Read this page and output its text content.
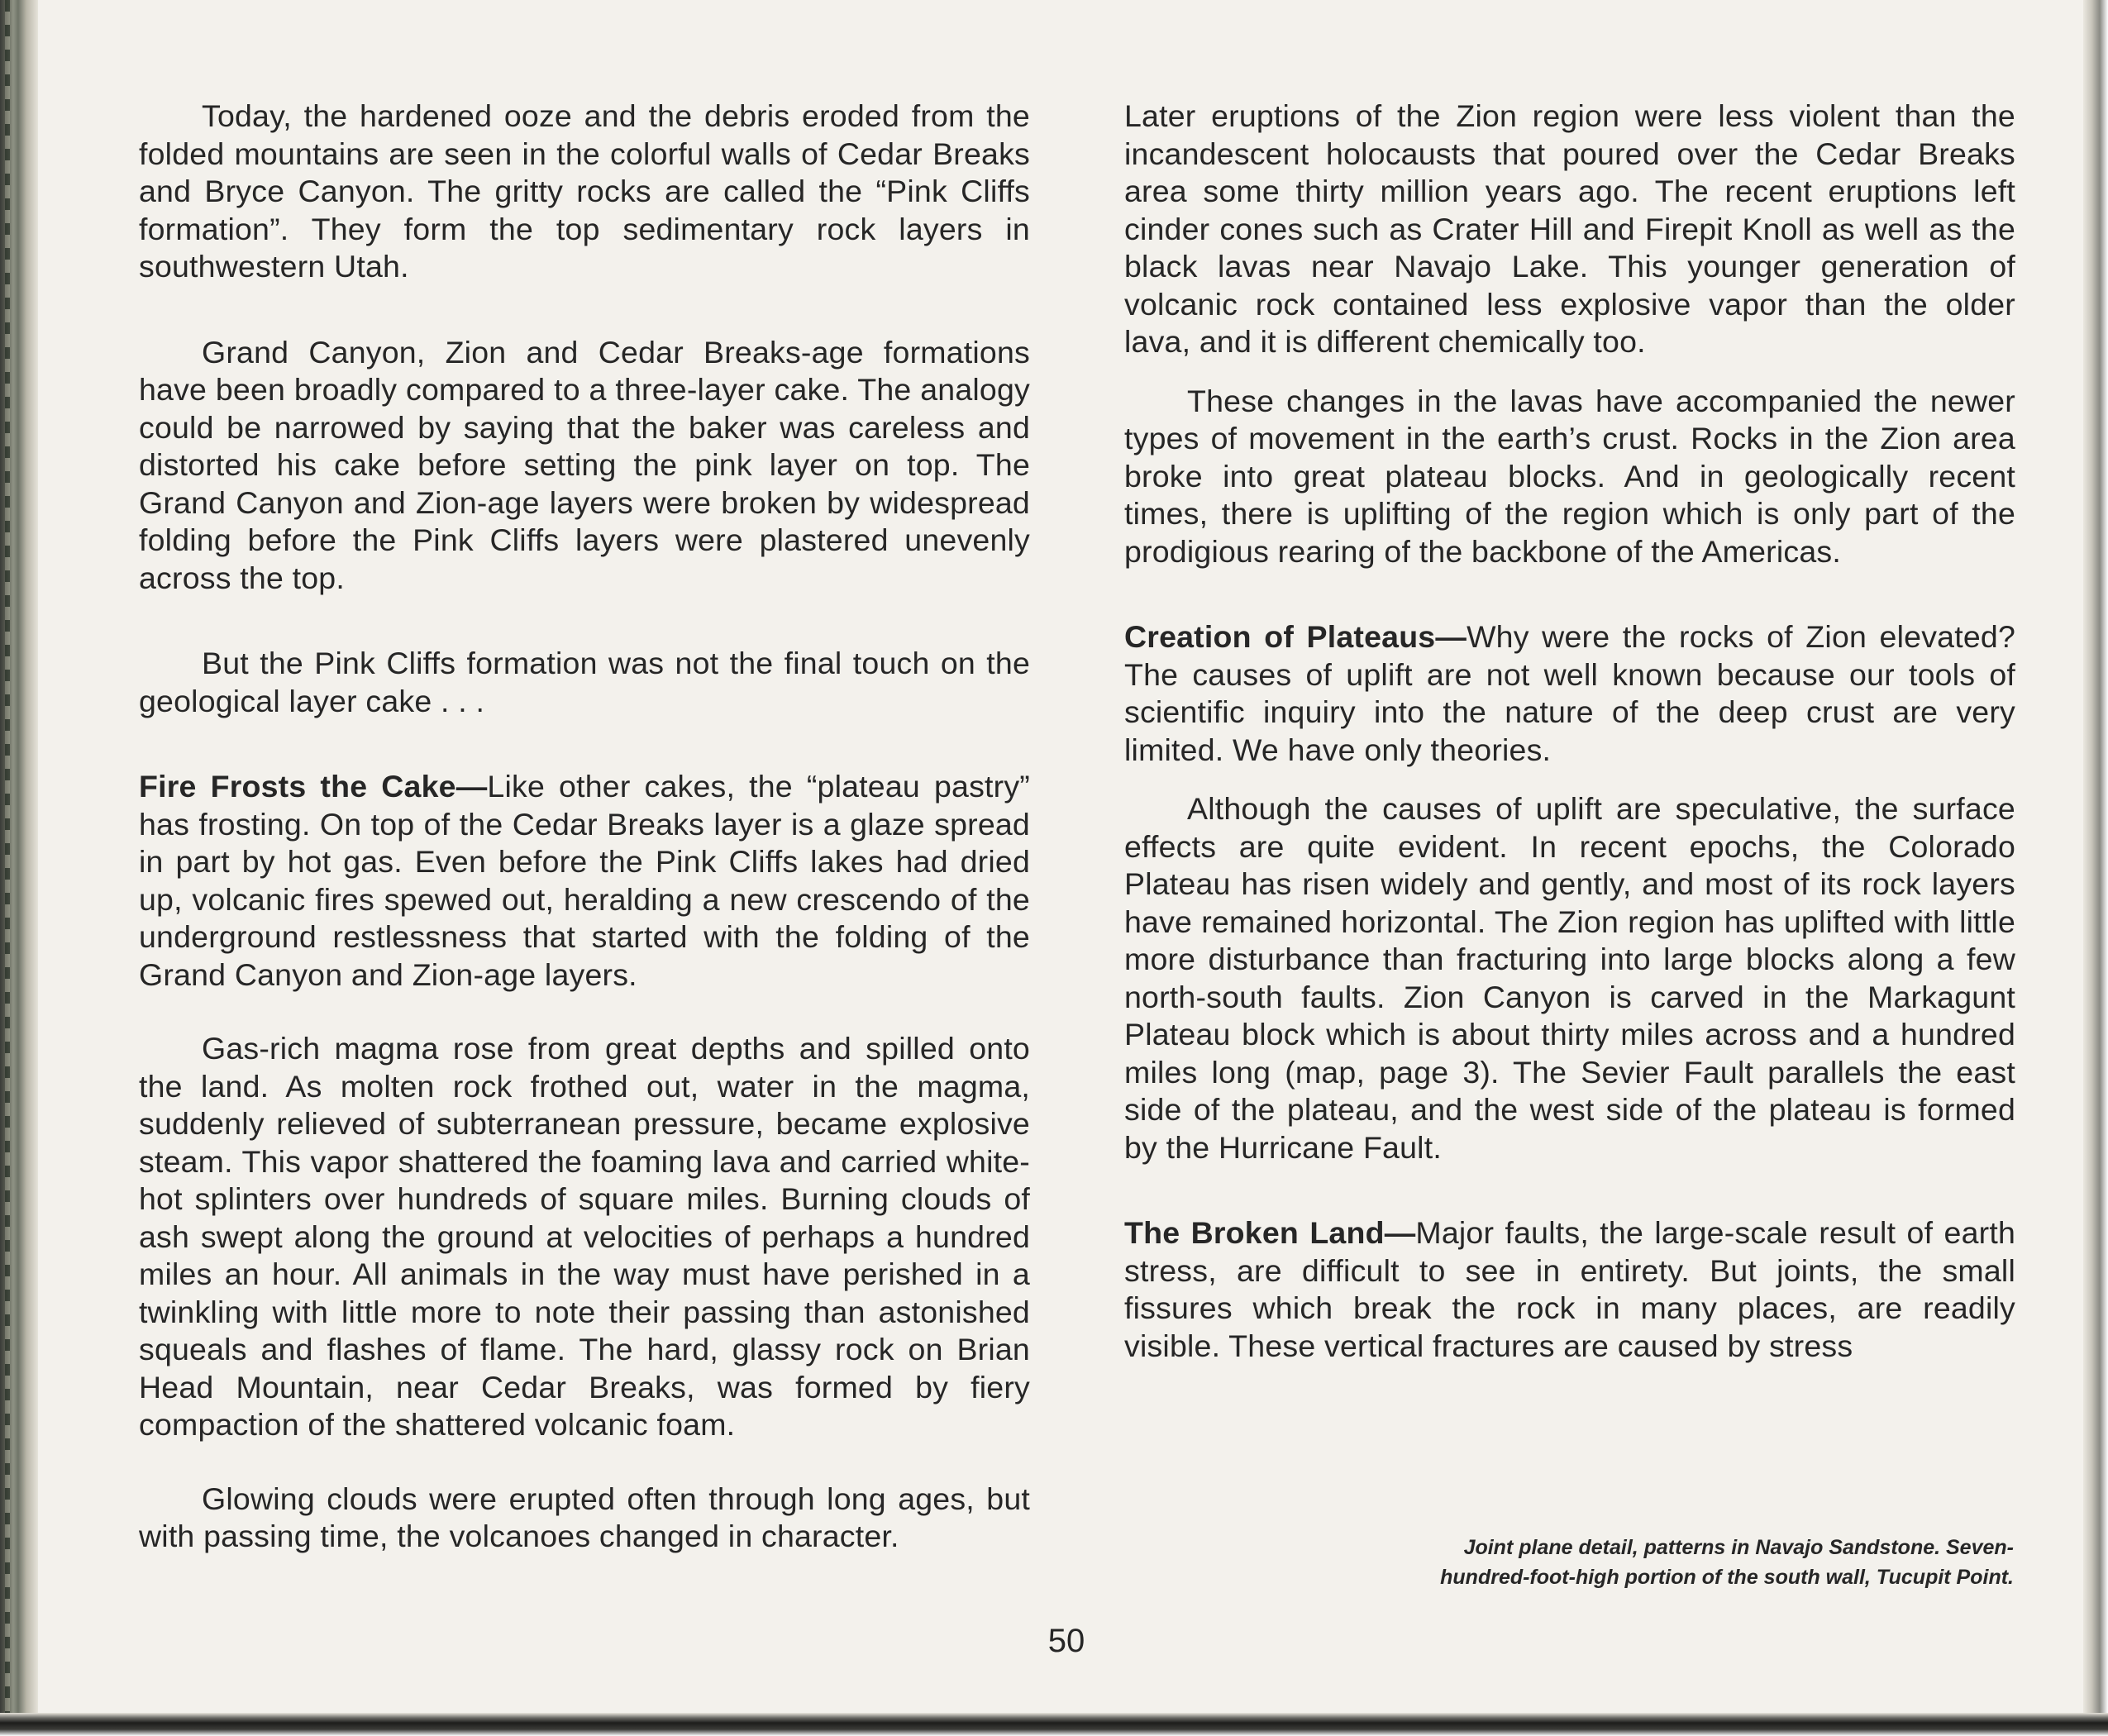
Today, the hardened ooze and the debris eroded from the folded mountains are seen in the colorful walls of Cedar Breaks and Bryce Canyon. The gritty rocks are called the “Pink Cliffs formation”. They form the top sedimentary rock layers in southwestern Utah.

Grand Canyon, Zion and Cedar Breaks-age formations have been broadly compared to a three-layer cake. The analogy could be narrowed by saying that the baker was careless and distorted his cake before setting the pink layer on top. The Grand Canyon and Zion-age layers were broken by widespread folding before the Pink Cliffs layers were plastered unevenly across the top.

But the Pink Cliffs formation was not the final touch on the geological layer cake . . .

Fire Frosts the Cake—Like other cakes, the “plateau pastry” has frosting. On top of the Cedar Breaks layer is a glaze spread in part by hot gas. Even before the Pink Cliffs lakes had dried up, volcanic fires spewed out, heralding a new crescendo of the underground restlessness that started with the folding of the Grand Canyon and Zion-age layers.

Gas-rich magma rose from great depths and spilled onto the land. As molten rock frothed out, water in the magma, suddenly relieved of subterranean pressure, became explosive steam. This vapor shattered the foaming lava and carried white-hot splinters over hundreds of square miles. Burning clouds of ash swept along the ground at velocities of perhaps a hundred miles an hour. All animals in the way must have perished in a twinkling with little more to note their passing than astonished squeals and flashes of flame. The hard, glassy rock on Brian Head Mountain, near Cedar Breaks, was formed by fiery compaction of the shattered volcanic foam.

Glowing clouds were erupted often through long ages, but with passing time, the volcanoes changed in character.

Later eruptions of the Zion region were less violent than the incandescent holocausts that poured over the Cedar Breaks area some thirty million years ago. The recent eruptions left cinder cones such as Crater Hill and Firepit Knoll as well as the black lavas near Navajo Lake. This younger generation of volcanic rock contained less explosive vapor than the older lava, and it is different chemically too.

These changes in the lavas have accompanied the newer types of movement in the earth’s crust. Rocks in the Zion area broke into great plateau blocks. And in geologically recent times, there is uplifting of the region which is only part of the prodigious rearing of the backbone of the Americas.

Creation of Plateaus—Why were the rocks of Zion elevated? The causes of uplift are not well known because our tools of scientific inquiry into the nature of the deep crust are very limited. We have only theories.

Although the causes of uplift are speculative, the surface effects are quite evident. In recent epochs, the Colorado Plateau has risen widely and gently, and most of its rock layers have remained horizontal. The Zion region has uplifted with little more disturbance than fracturing into large blocks along a few north-south faults. Zion Canyon is carved in the Markagunt Plateau block which is about thirty miles across and a hundred miles long (map, page 3). The Sevier Fault parallels the east side of the plateau, and the west side of the plateau is formed by the Hurricane Fault.

The Broken Land—Major faults, the large-scale result of earth stress, are difficult to see in entirety. But joints, the small fissures which break the rock in many places, are readily visible. These vertical fractures are caused by stress

Joint plane detail, patterns in Navajo Sandstone. Seven-
hundred-foot-high portion of the south wall, Tucupit Point.
50
